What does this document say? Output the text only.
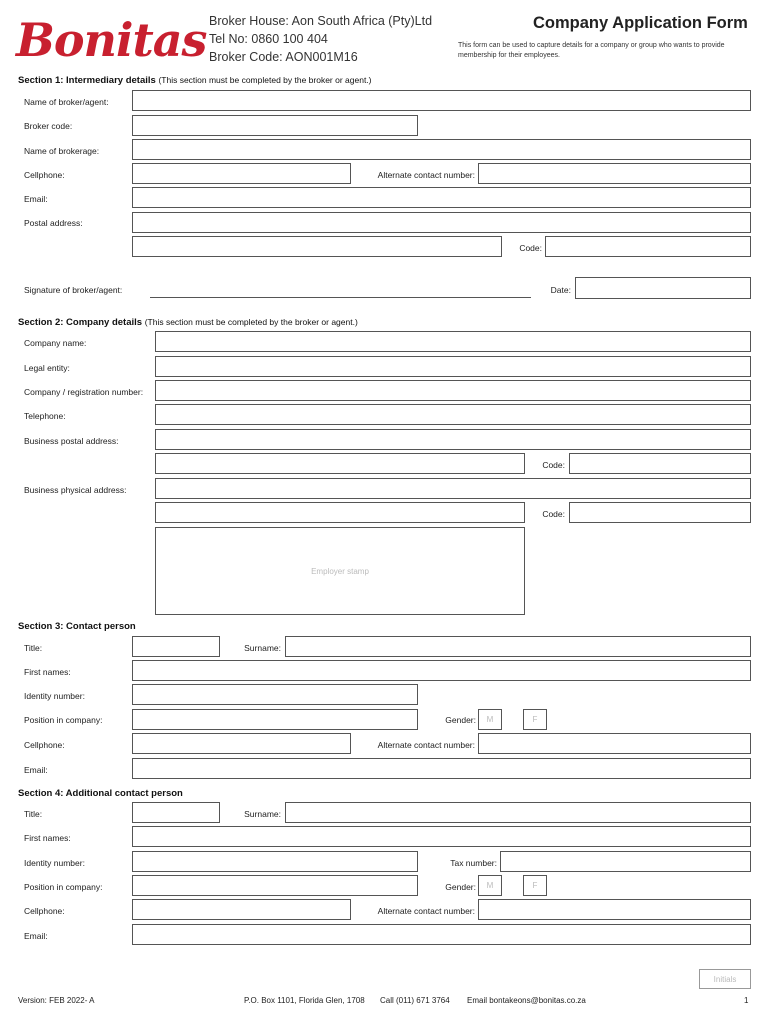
Bonitas Broker House: Aon South Africa (Pty)Ltd
Tel No: 0860 100 404
Broker Code: AON001M16
Company Application Form
This form can be used to capture details for a company or group who wants to provide membership for their employees.
Section 1: Intermediary details (This section must be completed by the broker or agent.)
Name of broker/agent:
Broker code:
Name of brokerage:
Cellphone:	Alternate contact number:
Email:
Postal address:
Code:
Signature of broker/agent:	Date:
Section 2: Company details (This section must be completed by the broker or agent.)
Company name:
Legal entity:
Company / registration number:
Telephone:
Business postal address:
Code:
Business physical address:
Code:
Employer stamp
Section 3: Contact person
Title:	Surname:
First names:
Identity number:
Position in company:	Gender: M	F
Cellphone:	Alternate contact number:
Email:
Section 4: Additional contact person
Title:	Surname:
First names:
Identity number:	Tax number:
Position in company:	Gender: M	F
Cellphone:	Alternate contact number:
Email:
Initials
Version: FEB 2022- A	P.O. Box 1101, Florida Glen, 1708 Call (011) 671 3764 Email bontakeons@bonitas.co.za	1
